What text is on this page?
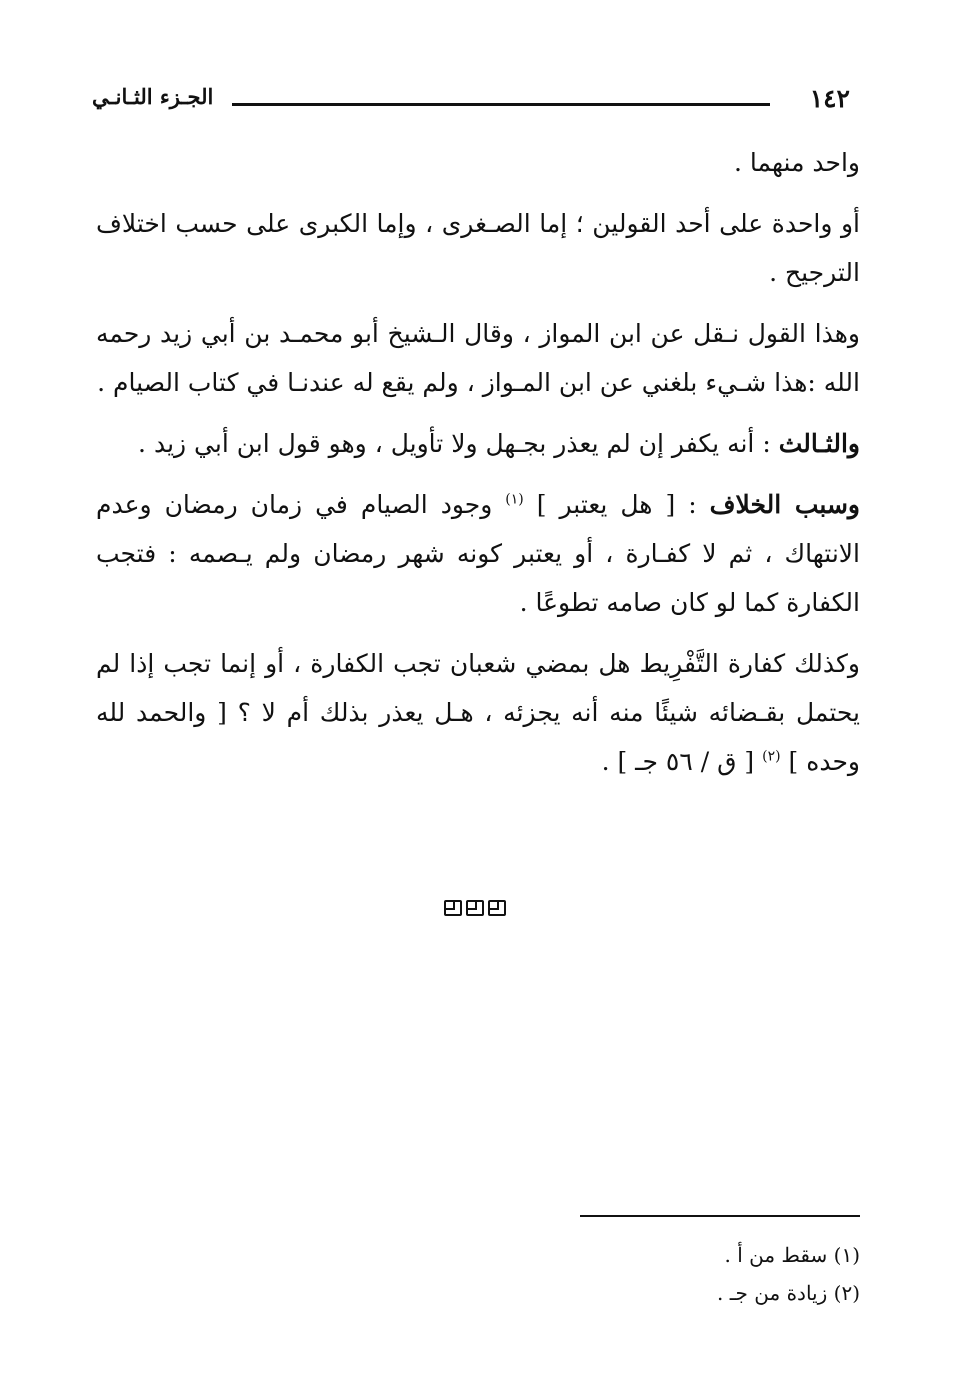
١٤٢
الجـزء الثـانـي

واحد منهما .

أو واحدة على أحد القولين ؛ إما الصـغرى ، وإما الكبرى على حسب اختلاف الترجيح .

وهذا القول نـقل عن ابن المواز ، وقال الـشيخ أبو محمـد بن أبي زيد رحمه الله :هذا شـيء بلغني عن ابن المـواز ، ولم يقع له عندنـا في كتاب الصيام .

والثـالث : أنه يكفر إن لم يعذر بجـهل ولا تأويل ، وهو قول ابن أبي زيد .

وسبب الخلاف : [ هل يعتبر ] $^{(١)}$ وجود الصيام في زمان رمضان وعدم الانتهاك ، ثم لا كفـارة ، أو يعتبر كونه شهر رمضان ولم يـصمه : فتجب الكفارة كما لو كان صامه تطوعًا .

وكذلك كفارة التَّفْرِيط هل بمضي شعبان تجب الكفارة ، أو إنما تجب إذا لم يحتمل بقـضائه شيئًا منه أنه يجزئه ، هـل يعذر بذلك أم لا ؟ [ والحمد لله وحده ] $^{(٢)}$ [ ق / ٥٦ جـ ] .

(١) سقط من أ .

(٢) زيادة من جـ .
